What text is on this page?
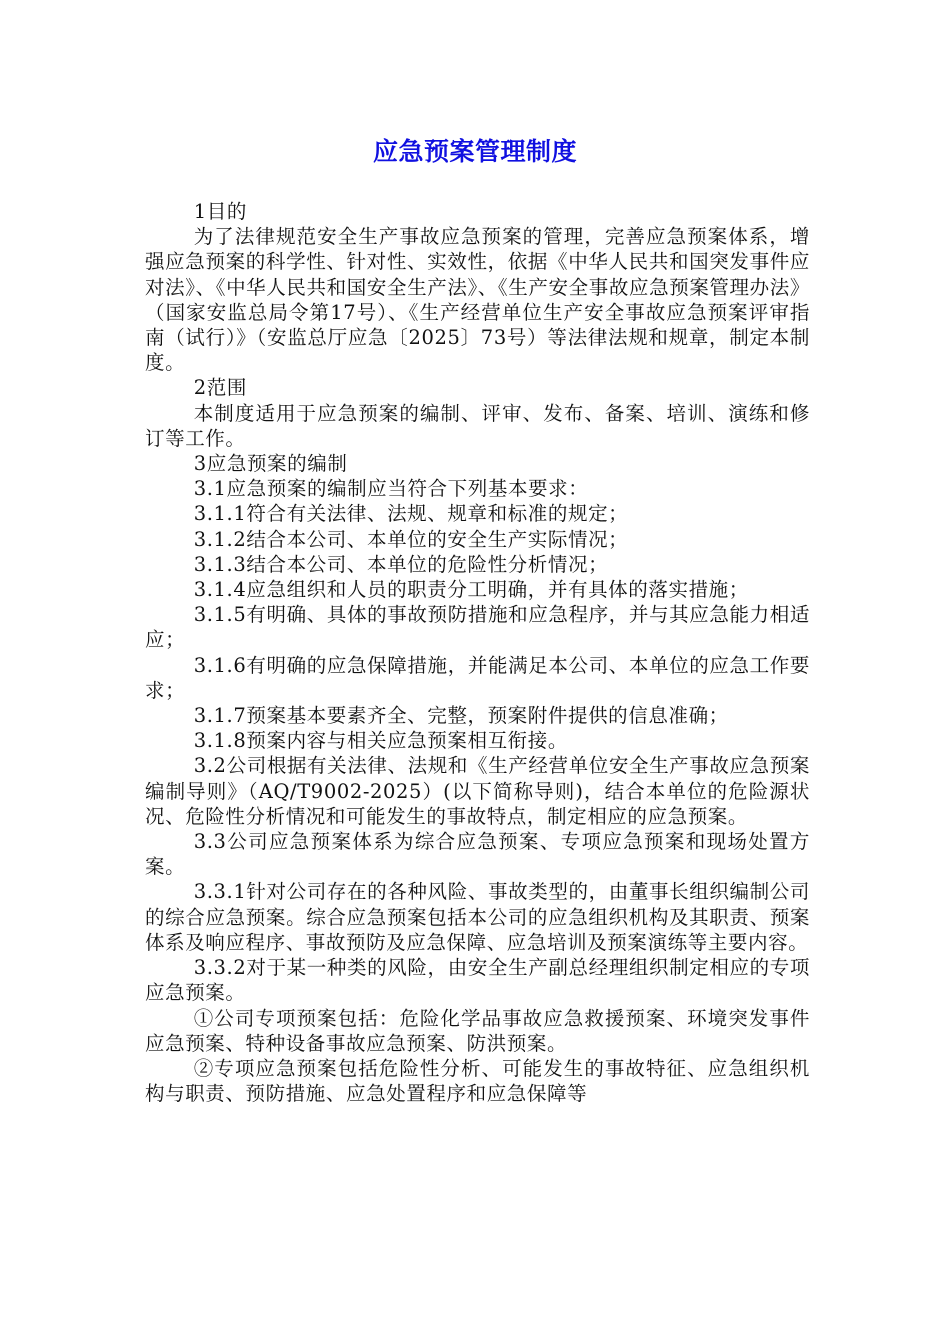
应急预案管理制度

1目的

为了法律规范安全生产事故应急预案的管理，完善应急预案体系，增强应急预案的科学性、针对性、实效性，依据《中华人民共和国突发事件应对法》、《中华人民共和国安全生产法》、《生产安全事故应急预案管理办法》（国家安监总局令第17号）、《生产经营单位生产安全事故应急预案评审指南（试行）》（安监总厅应急〔2025〕73号）等法律法规和规章，制定本制度。

2范围

本制度适用于应急预案的编制、评审、发布、备案、培训、演练和修订等工作。

3应急预案的编制

3.1应急预案的编制应当符合下列基本要求：

3.1.1符合有关法律、法规、规章和标准的规定；

3.1.2结合本公司、本单位的安全生产实际情况；

3.1.3结合本公司、本单位的危险性分析情况；

3.1.4应急组织和人员的职责分工明确，并有具体的落实措施；

3.1.5有明确、具体的事故预防措施和应急程序，并与其应急能力相适应；

3.1.6有明确的应急保障措施，并能满足本公司、本单位的应急工作要求；

3.1.7预案基本要素齐全、完整，预案附件提供的信息准确；

3.1.8预案内容与相关应急预案相互衔接。

3.2公司根据有关法律、法规和《生产经营单位安全生产事故应急预案编制导则》（AQ/T9002-2025）(以下简称导则)，结合本单位的危险源状况、危险性分析情况和可能发生的事故特点，制定相应的应急预案。

3.3公司应急预案体系为综合应急预案、专项应急预案和现场处置方案。

3.3.1针对公司存在的各种风险、事故类型的，由董事长组织编制公司的综合应急预案。综合应急预案包括本公司的应急组织机构及其职责、预案体系及响应程序、事故预防及应急保障、应急培训及预案演练等主要内容。

3.3.2对于某一种类的风险，由安全生产副总经理组织制定相应的专项应急预案。

①公司专项预案包括：危险化学品事故应急救援预案、环境突发事件应急预案、特种设备事故应急预案、防洪预案。

②专项应急预案包括危险性分析、可能发生的事故特征、应急组织机构与职责、预防措施、应急处置程序和应急保障等
